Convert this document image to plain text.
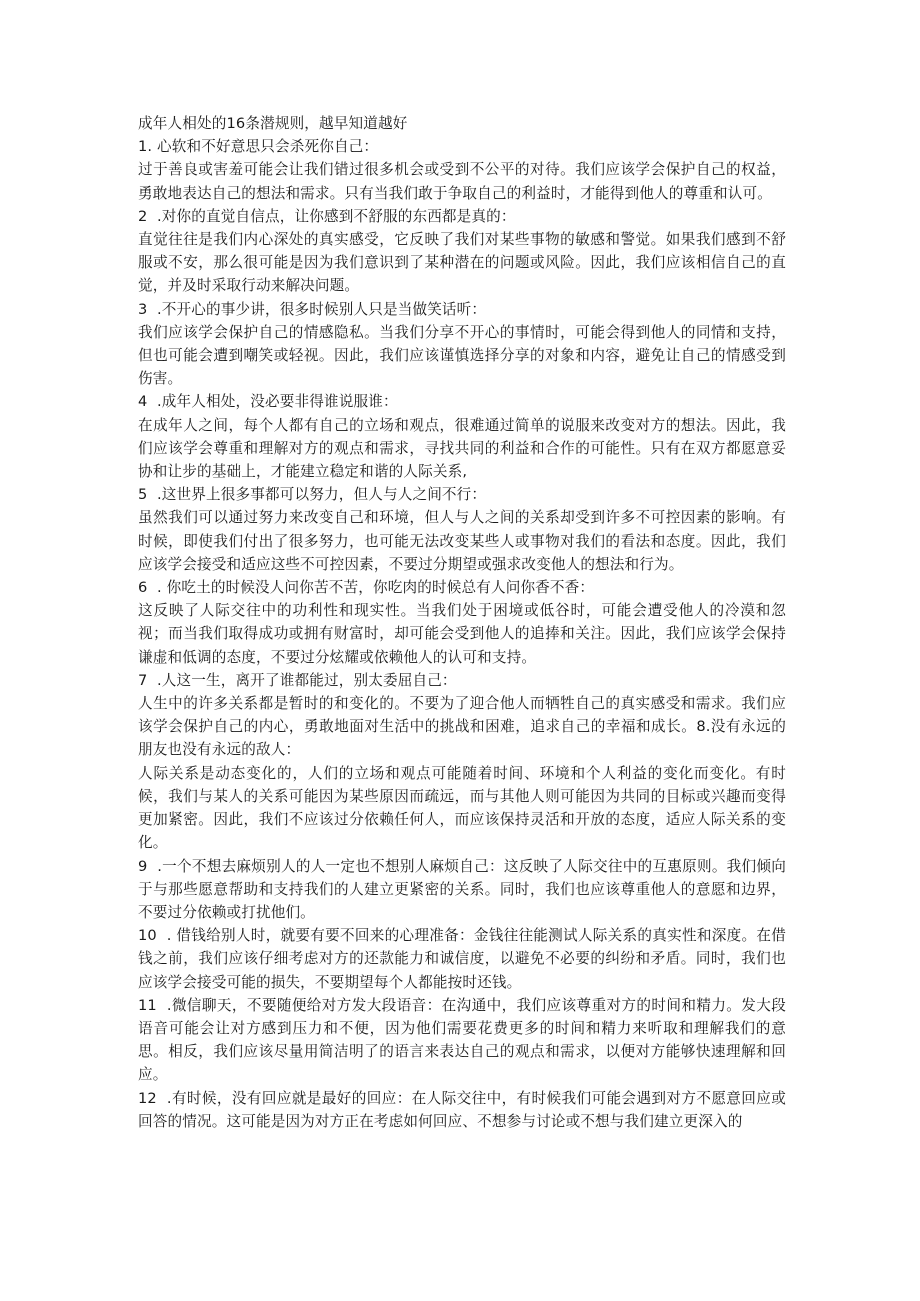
成年人相处的16条潜规则，越早知道越好

1. 心软和不好意思只会杀死你自己：

过于善良或害羞可能会让我们错过很多机会或受到不公平的对待。我们应该学会保护自己的权益，勇敢地表达自己的想法和需求。只有当我们敢于争取自己的利益时，才能得到他人的尊重和认可。

2  .对你的直觉自信点，让你感到不舒服的东西都是真的：

直觉往往是我们内心深处的真实感受，它反映了我们对某些事物的敏感和警觉。如果我们感到不舒服或不安，那么很可能是因为我们意识到了某种潜在的问题或风险。因此，我们应该相信自己的直觉，并及时采取行动来解决问题。

3  .不开心的事少讲，很多时候别人只是当做笑话听：

我们应该学会保护自己的情感隐私。当我们分享不开心的事情时，可能会得到他人的同情和支持，但也可能会遭到嘲笑或轻视。因此，我们应该谨慎选择分享的对象和内容，避免让自己的情感受到伤害。

4  .成年人相处，没必要非得谁说服谁：

在成年人之间，每个人都有自己的立场和观点，很难通过简单的说服来改变对方的想法。因此，我们应该学会尊重和理解对方的观点和需求，寻找共同的利益和合作的可能性。只有在双方都愿意妥协和让步的基础上，才能建立稳定和谐的人际关系,

5  .这世界上很多事都可以努力，但人与人之间不行：

虽然我们可以通过努力来改变自己和环境，但人与人之间的关系却受到许多不可控因素的影响。有时候，即使我们付出了很多努力，也可能无法改变某些人或事物对我们的看法和态度。因此，我们应该学会接受和适应这些不可控因素，不要过分期望或强求改变他人的想法和行为。

6  . 你吃土的时候没人问你苦不苦，你吃肉的时候总有人问你香不香：

这反映了人际交往中的功利性和现实性。当我们处于困境或低谷时，可能会遭受他人的冷漠和忽视；而当我们取得成功或拥有财富时，却可能会受到他人的追捧和关注。因此，我们应该学会保持谦虚和低调的态度，不要过分炫耀或依赖他人的认可和支持。

7  .人这一生，离开了谁都能过，别太委屈自己：

人生中的许多关系都是暂时的和变化的。不要为了迎合他人而牺牲自己的真实感受和需求。我们应该学会保护自己的内心，勇敢地面对生活中的挑战和困难，追求自己的幸福和成长。8.没有永远的朋友也没有永远的敌人：

人际关系是动态变化的，人们的立场和观点可能随着时间、环境和个人利益的变化而变化。有时候，我们与某人的关系可能因为某些原因而疏远，而与其他人则可能因为共同的目标或兴趣而变得更加紧密。因此，我们不应该过分依赖任何人，而应该保持灵活和开放的态度，适应人际关系的变化。

9  .一个不想去麻烦别人的人一定也不想别人麻烦自己：这反映了人际交往中的互惠原则。我们倾向于与那些愿意帮助和支持我们的人建立更紧密的关系。同时，我们也应该尊重他人的意愿和边界，不要过分依赖或打扰他们。

10  . 借钱给别人时，就要有要不回来的心理准备：金钱往往能测试人际关系的真实性和深度。在借钱之前，我们应该仔细考虑对方的还款能力和诚信度，以避免不必要的纠纷和矛盾。同时，我们也应该学会接受可能的损失，不要期望每个人都能按时还钱。

11  .微信聊天，不要随便给对方发大段语音：在沟通中，我们应该尊重对方的时间和精力。发大段语音可能会让对方感到压力和不便，因为他们需要花费更多的时间和精力来听取和理解我们的意思。相反，我们应该尽量用简洁明了的语言来表达自己的观点和需求，以便对方能够快速理解和回应。

12  .有时候，没有回应就是最好的回应：在人际交往中，有时候我们可能会遇到对方不愿意回应或回答的情况。这可能是因为对方正在考虑如何回应、不想参与讨论或不想与我们建立更深入的
